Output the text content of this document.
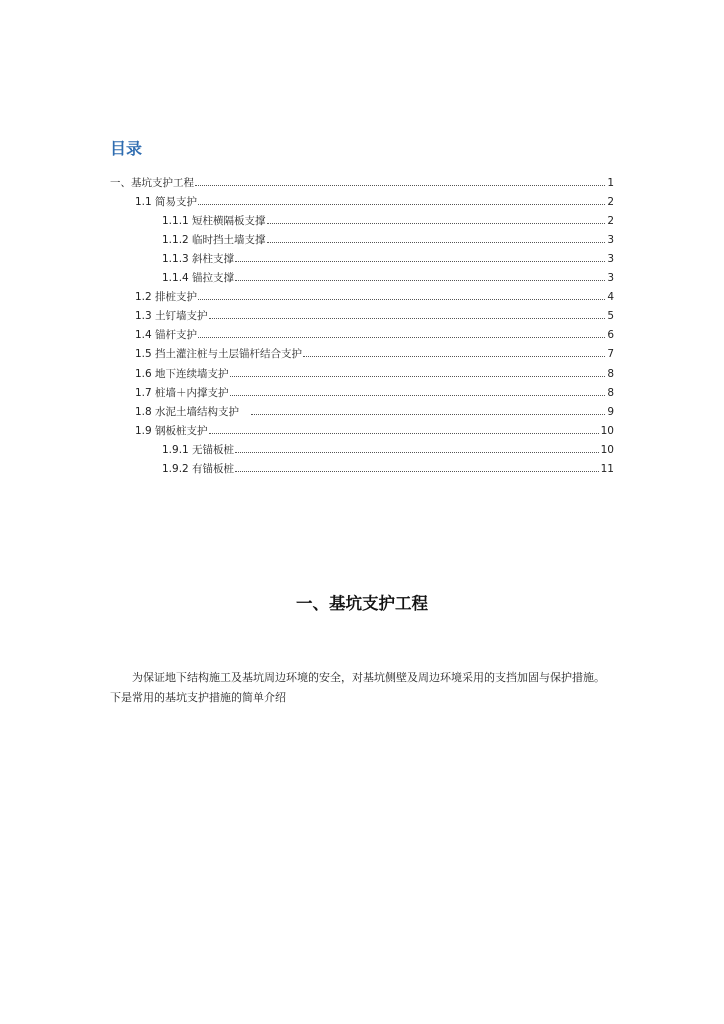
目录
一、基坑支护工程	1
1.1 简易支护	2
1.1.1 短柱横隔板支撑	2
1.1.2 临时挡土墙支撑	3
1.1.3 斜柱支撑	3
1.1.4 锚拉支撑	3
1.2 排桩支护	4
1.3 土钉墙支护	5
1.4 锚杆支护	6
1.5 挡土灌注桩与土层锚杆结合支护	7
1.6 地下连续墙支护	8
1.7 桩墙＋内撑支护	8
1.8 水泥土墙结构支护	9
1.9 钢板桩支护	10
1.9.1 无锚板桩	10
1.9.2 有锚板桩	11
一、基坑支护工程

为保证地下结构施工及基坑周边环境的安全，对基坑侧壁及周边环境采用的支挡加固与保护措施。下是常用的基坑支护措施的简单介绍
